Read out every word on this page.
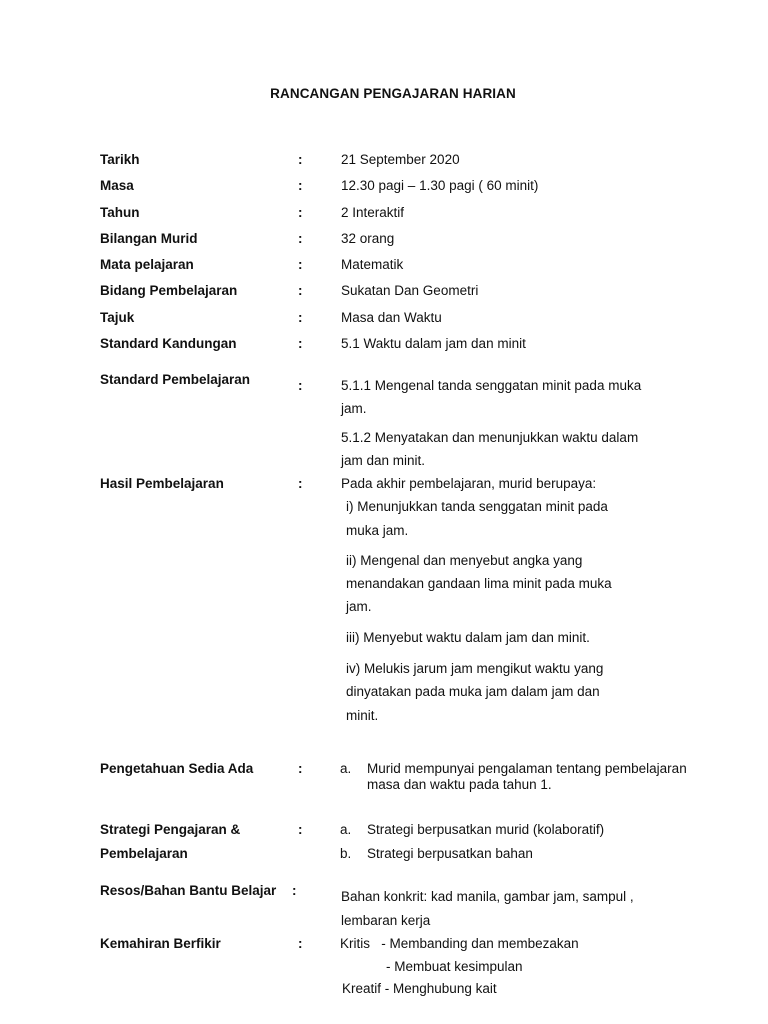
RANCANGAN PENGAJARAN HARIAN
Tarikh	:	21 September 2020
Masa	:	12.30 pagi – 1.30 pagi ( 60 minit)
Tahun	:	2 Interaktif
Bilangan Murid	:	32 orang
Mata pelajaran	:	Matematik
Bidang Pembelajaran	:	Sukatan Dan Geometri
Tajuk	:	Masa dan Waktu
Standard Kandungan	:	5.1 Waktu dalam jam dan minit
Standard Pembelajaran	:	5.1.1 Mengenal tanda senggatan minit pada muka
jam.
5.1.2 Menyatakan dan menunjukkan waktu dalam
jam dan minit.
Hasil Pembelajaran	:	Pada akhir pembelajaran, murid berupaya:
i) Menunjukkan tanda senggatan minit pada
muka jam.
ii) Mengenal dan menyebut angka yang
menandakan gandaan lima minit pada muka
jam.
iii) Menyebut waktu dalam jam dan minit.
iv) Melukis jarum jam mengikut waktu yang
dinyatakan pada muka jam dalam jam dan
minit.
Pengetahuan Sedia Ada	:	a. Murid mempunyai pengalaman tentang pembelajaran
masa dan waktu pada tahun 1.
Strategi Pengajaran &
Pembelajaran
:	a. Strategi berpusatkan murid (kolaboratif)
b. Strategi berpusatkan bahan
Resos/Bahan Bantu Belajar :	Bahan konkrit: kad manila, gambar jam, sampul ,
lembaran kerja
Kemahiran Berfikir	:	Kritis   - Membanding dan membezakan
- Membuat kesimpulan
Kreatif - Menghubung kait
